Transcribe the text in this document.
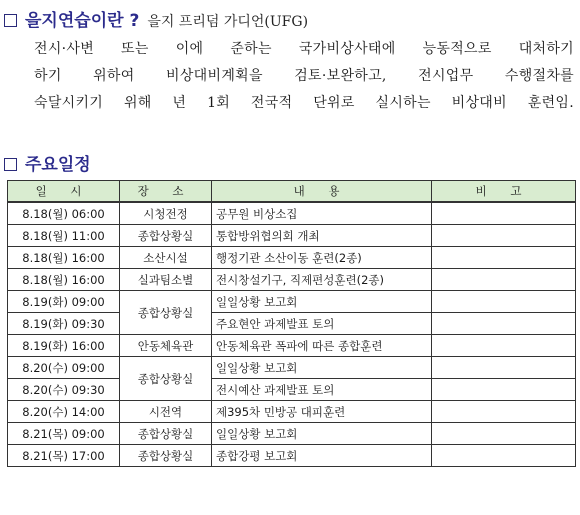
을지연습이란 ? 을지 프리덤 가디언(UFG)
전시·사변 또는 이에 준하는 국가비상사태에 능동적으로 대처하기
하기 위하여 비상대비계획을 검토·보완하고, 전시업무 수행절차를
숙달시키기 위해 년 1회 전국적 단위로 실시하는 비상대비 훈련임.
주요일정
일 시	장 소	내 용	비 고
8.18(월) 06:00	시청전정	공무원 비상소집	
8.18(월) 11:00	종합상황실	통합방위협의회 개최	
8.18(월) 16:00	소산시설	행정기관 소산이동 훈련(2종)	
8.18(월) 16:00	실과팀소별	전시창설기구, 직제편성훈련(2종)	
8.19(화) 09:00	종합상황실	일일상황 보고회	
8.19(화) 09:30		주요현안 과제발표 토의	
8.19(화) 16:00	안동체육관	안동체육관 폭파에 따른 종합훈련	
8.20(수) 09:00	종합상황실	일일상황 보고회	
8.20(수) 09:30		전시예산 과제발표 토의	
8.20(수) 14:00	시전역	제395차 민방공 대피훈련	
8.21(목) 09:00	종합상황실	일일상황 보고회	
8.21(목) 17:00	종합상황실	종합강평 보고회	
